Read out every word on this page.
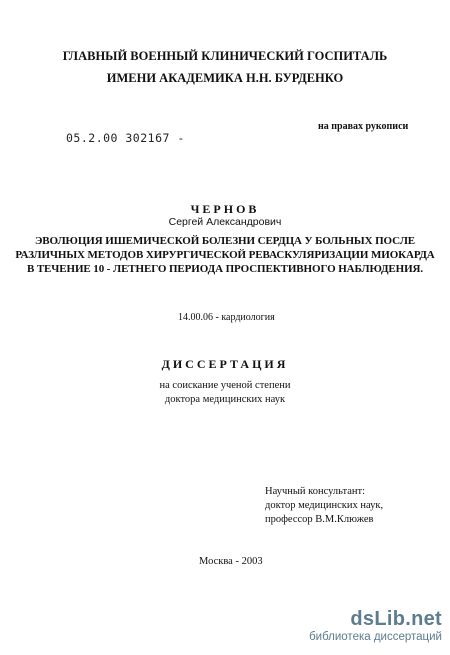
ГЛАВНЫЙ ВОЕННЫЙ КЛИНИЧЕСКИЙ ГОСПИТАЛЬ
ИМЕНИ АКАДЕМИКА Н.Н. БУРДЕНКО
на правах рукописи
05.2.00 302167 -
ЧЕРНОВ
Сергей Александрович
ЭВОЛЮЦИЯ ИШЕМИЧЕСКОЙ БОЛЕЗНИ СЕРДЦА У БОЛЬНЫХ ПОСЛЕ
РАЗЛИЧНЫХ МЕТОДОВ ХИРУРГИЧЕСКОЙ РЕВАСКУЛЯРИЗАЦИИ МИОКАРДА
В ТЕЧЕНИЕ 10 - ЛЕТНЕГО ПЕРИОДА ПРОСПЕКТИВНОГО НАБЛЮДЕНИЯ.
14.00.06 - кардиология
ДИССЕРТАЦИЯ
на соискание ученой степени
доктора медицинских наук
Научный консультант:
доктор медицинских наук,
профессор В.М.Клюжев
Москва - 2003
dsLib.net
библиотека диссертаций
